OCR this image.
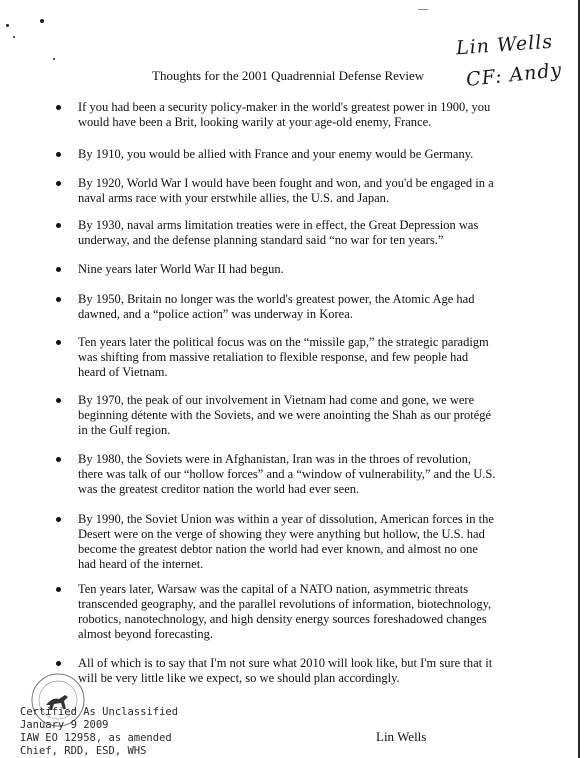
Lin Wells
CF: Andy
Thoughts for the 2001 Quadrennial Defense Review
If you had been a security policy-maker in the world's greatest power in 1900, you would have been a Brit, looking warily at your age-old enemy, France.
By 1910, you would be allied with France and your enemy would be Germany.
By 1920, World War I would have been fought and won, and you'd be engaged in a naval arms race with your erstwhile allies, the U.S. and Japan.
By 1930, naval arms limitation treaties were in effect, the Great Depression was underway, and the defense planning standard said “no war for ten years.”
Nine years later World War II had begun.
By 1950, Britain no longer was the world's greatest power, the Atomic Age had dawned, and a “police action” was underway in Korea.
Ten years later the political focus was on the “missile gap,” the strategic paradigm was shifting from massive retaliation to flexible response, and few people had heard of Vietnam.
By 1970, the peak of our involvement in Vietnam had come and gone, we were beginning détente with the Soviets, and we were anointing the Shah as our protégé in the Gulf region.
By 1980, the Soviets were in Afghanistan, Iran was in the throes of revolution, there was talk of our “hollow forces” and a “window of vulnerability,” and the U.S. was the greatest creditor nation the world had ever seen.
By 1990, the Soviet Union was within a year of dissolution, American forces in the Desert were on the verge of showing they were anything but hollow, the U.S. had become the greatest debtor nation the world had ever known, and almost no one had heard of the internet.
Ten years later, Warsaw was the capital of a NATO nation, asymmetric threats transcended geography, and the parallel revolutions of information, biotechnology, robotics, nanotechnology, and high density energy sources foreshadowed changes almost beyond forecasting.
All of which is to say that I'm not sure what 2010 will look like, but I'm sure that it will be very little like we expect, so we should plan accordingly.
Certified As Unclassified
January 9 2009
IAW EO 12958, as amended
Chief, RDD, ESD, WHS
Lin Wells
